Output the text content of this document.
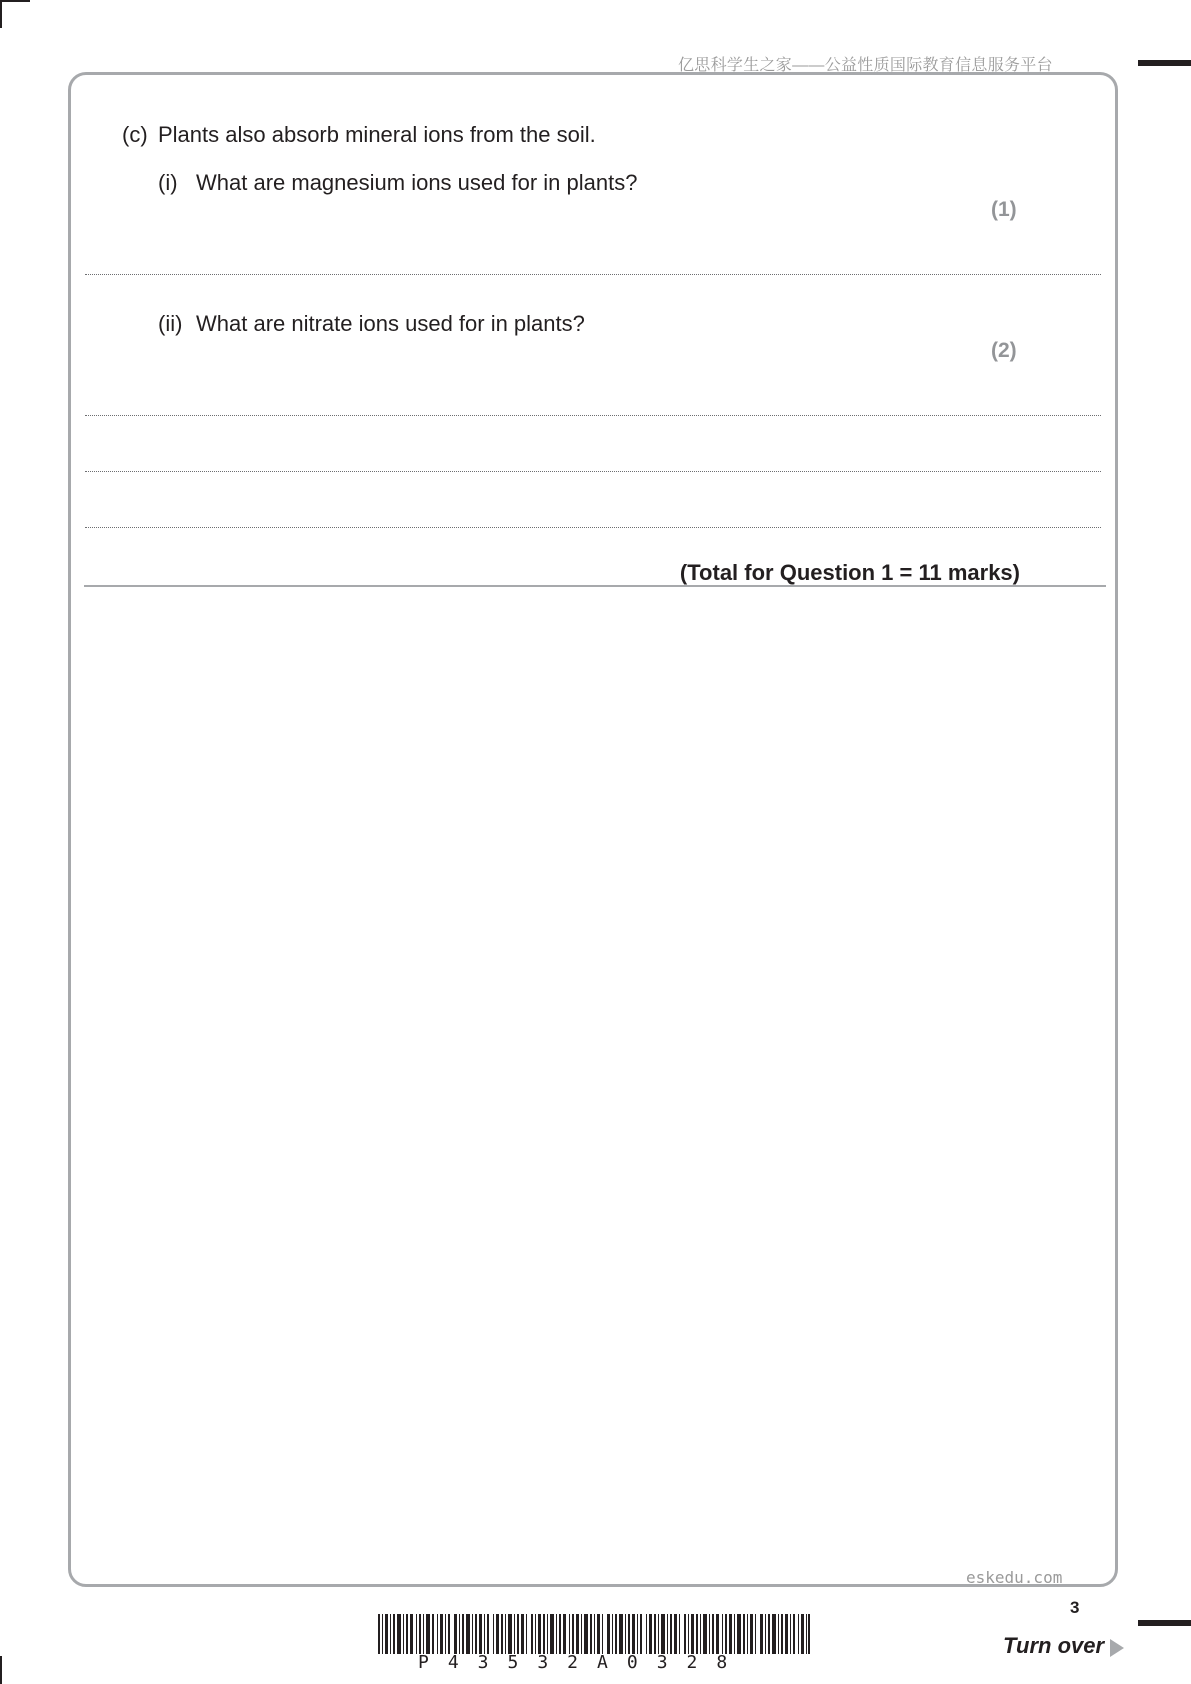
亿思科学生之家——公益性质国际教育信息服务平台
(c) Plants also absorb mineral ions from the soil.
(i) What are magnesium ions used for in plants?
(1)
(ii) What are nitrate ions used for in plants?
(2)
(Total for Question 1 = 11 marks)
eskedu.com
3
P43532A0328
Turn over
